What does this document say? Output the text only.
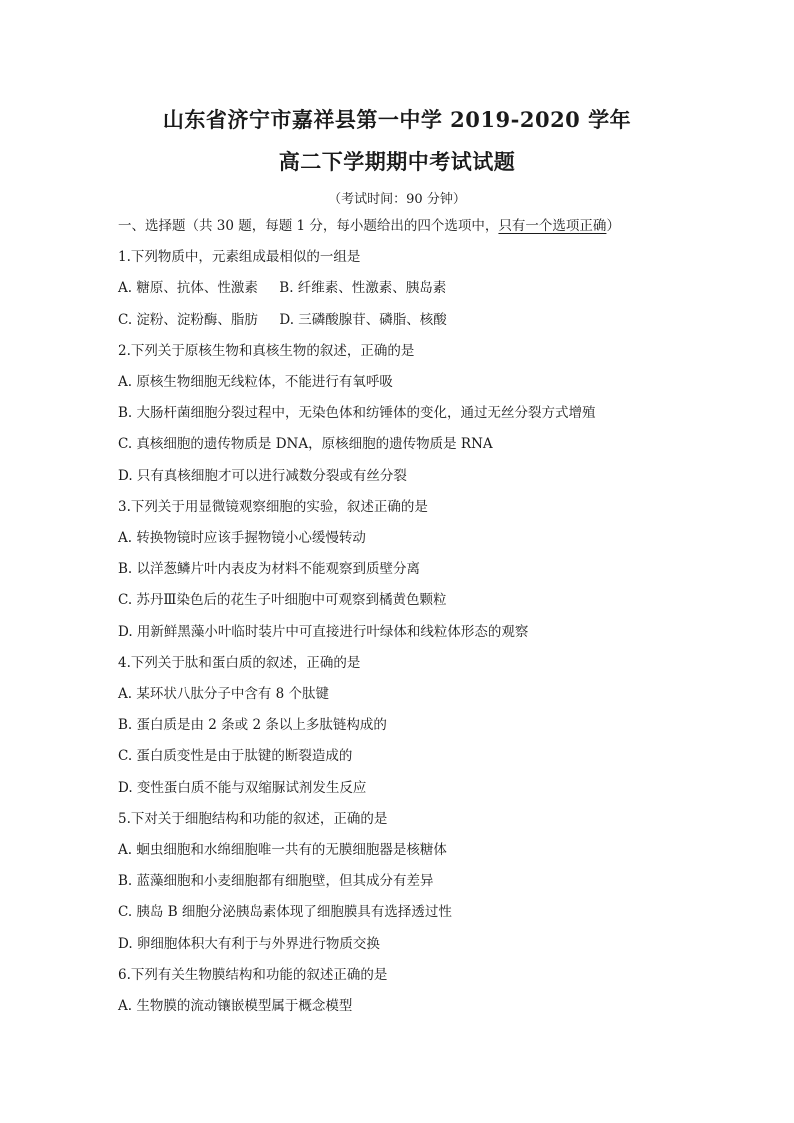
山东省济宁市嘉祥县第一中学 2019-2020 学年
高二下学期期中考试试题
（考试时间：90 分钟）
一、选择题（共 30 题，每题 1 分，每小题给出的四个选项中，只有一个选项正确）
1.下列物质中，元素组成最相似的一组是
A. 糖原、抗体、性激素     B. 纤维素、性激素、胰岛素
C. 淀粉、淀粉酶、脂肪     D. 三磷酸腺苷、磷脂、核酸
2.下列关于原核生物和真核生物的叙述，正确的是
A. 原核生物细胞无线粒体，不能进行有氧呼吸
B. 大肠杆菌细胞分裂过程中，无染色体和纺锤体的变化，通过无丝分裂方式增殖
C. 真核细胞的遗传物质是 DNA，原核细胞的遗传物质是 RNA
D. 只有真核细胞才可以进行减数分裂或有丝分裂
3.下列关于用显微镜观察细胞的实验，叙述正确的是
A. 转换物镜时应该手握物镜小心缓慢转动
B. 以洋葱鳞片叶内表皮为材料不能观察到质壁分离
C. 苏丹Ⅲ染色后的花生子叶细胞中可观察到橘黄色颗粒
D. 用新鲜黑藻小叶临时装片中可直接进行叶绿体和线粒体形态的观察
4.下列关于肽和蛋白质的叙述，正确的是
A. 某环状八肽分子中含有 8 个肽键
B. 蛋白质是由 2 条或 2 条以上多肽链构成的
C. 蛋白质变性是由于肽键的断裂造成的
D. 变性蛋白质不能与双缩脲试剂发生反应
5.下对关于细胞结构和功能的叙述，正确的是
A. 蛔虫细胞和水绵细胞唯一共有的无膜细胞器是核糖体
B. 蓝藻细胞和小麦细胞都有细胞壁，但其成分有差异
C. 胰岛 B 细胞分泌胰岛素体现了细胞膜具有选择透过性
D. 卵细胞体积大有利于与外界进行物质交换
6.下列有关生物膜结构和功能的叙述正确的是
A. 生物膜的流动镶嵌模型属于概念模型
